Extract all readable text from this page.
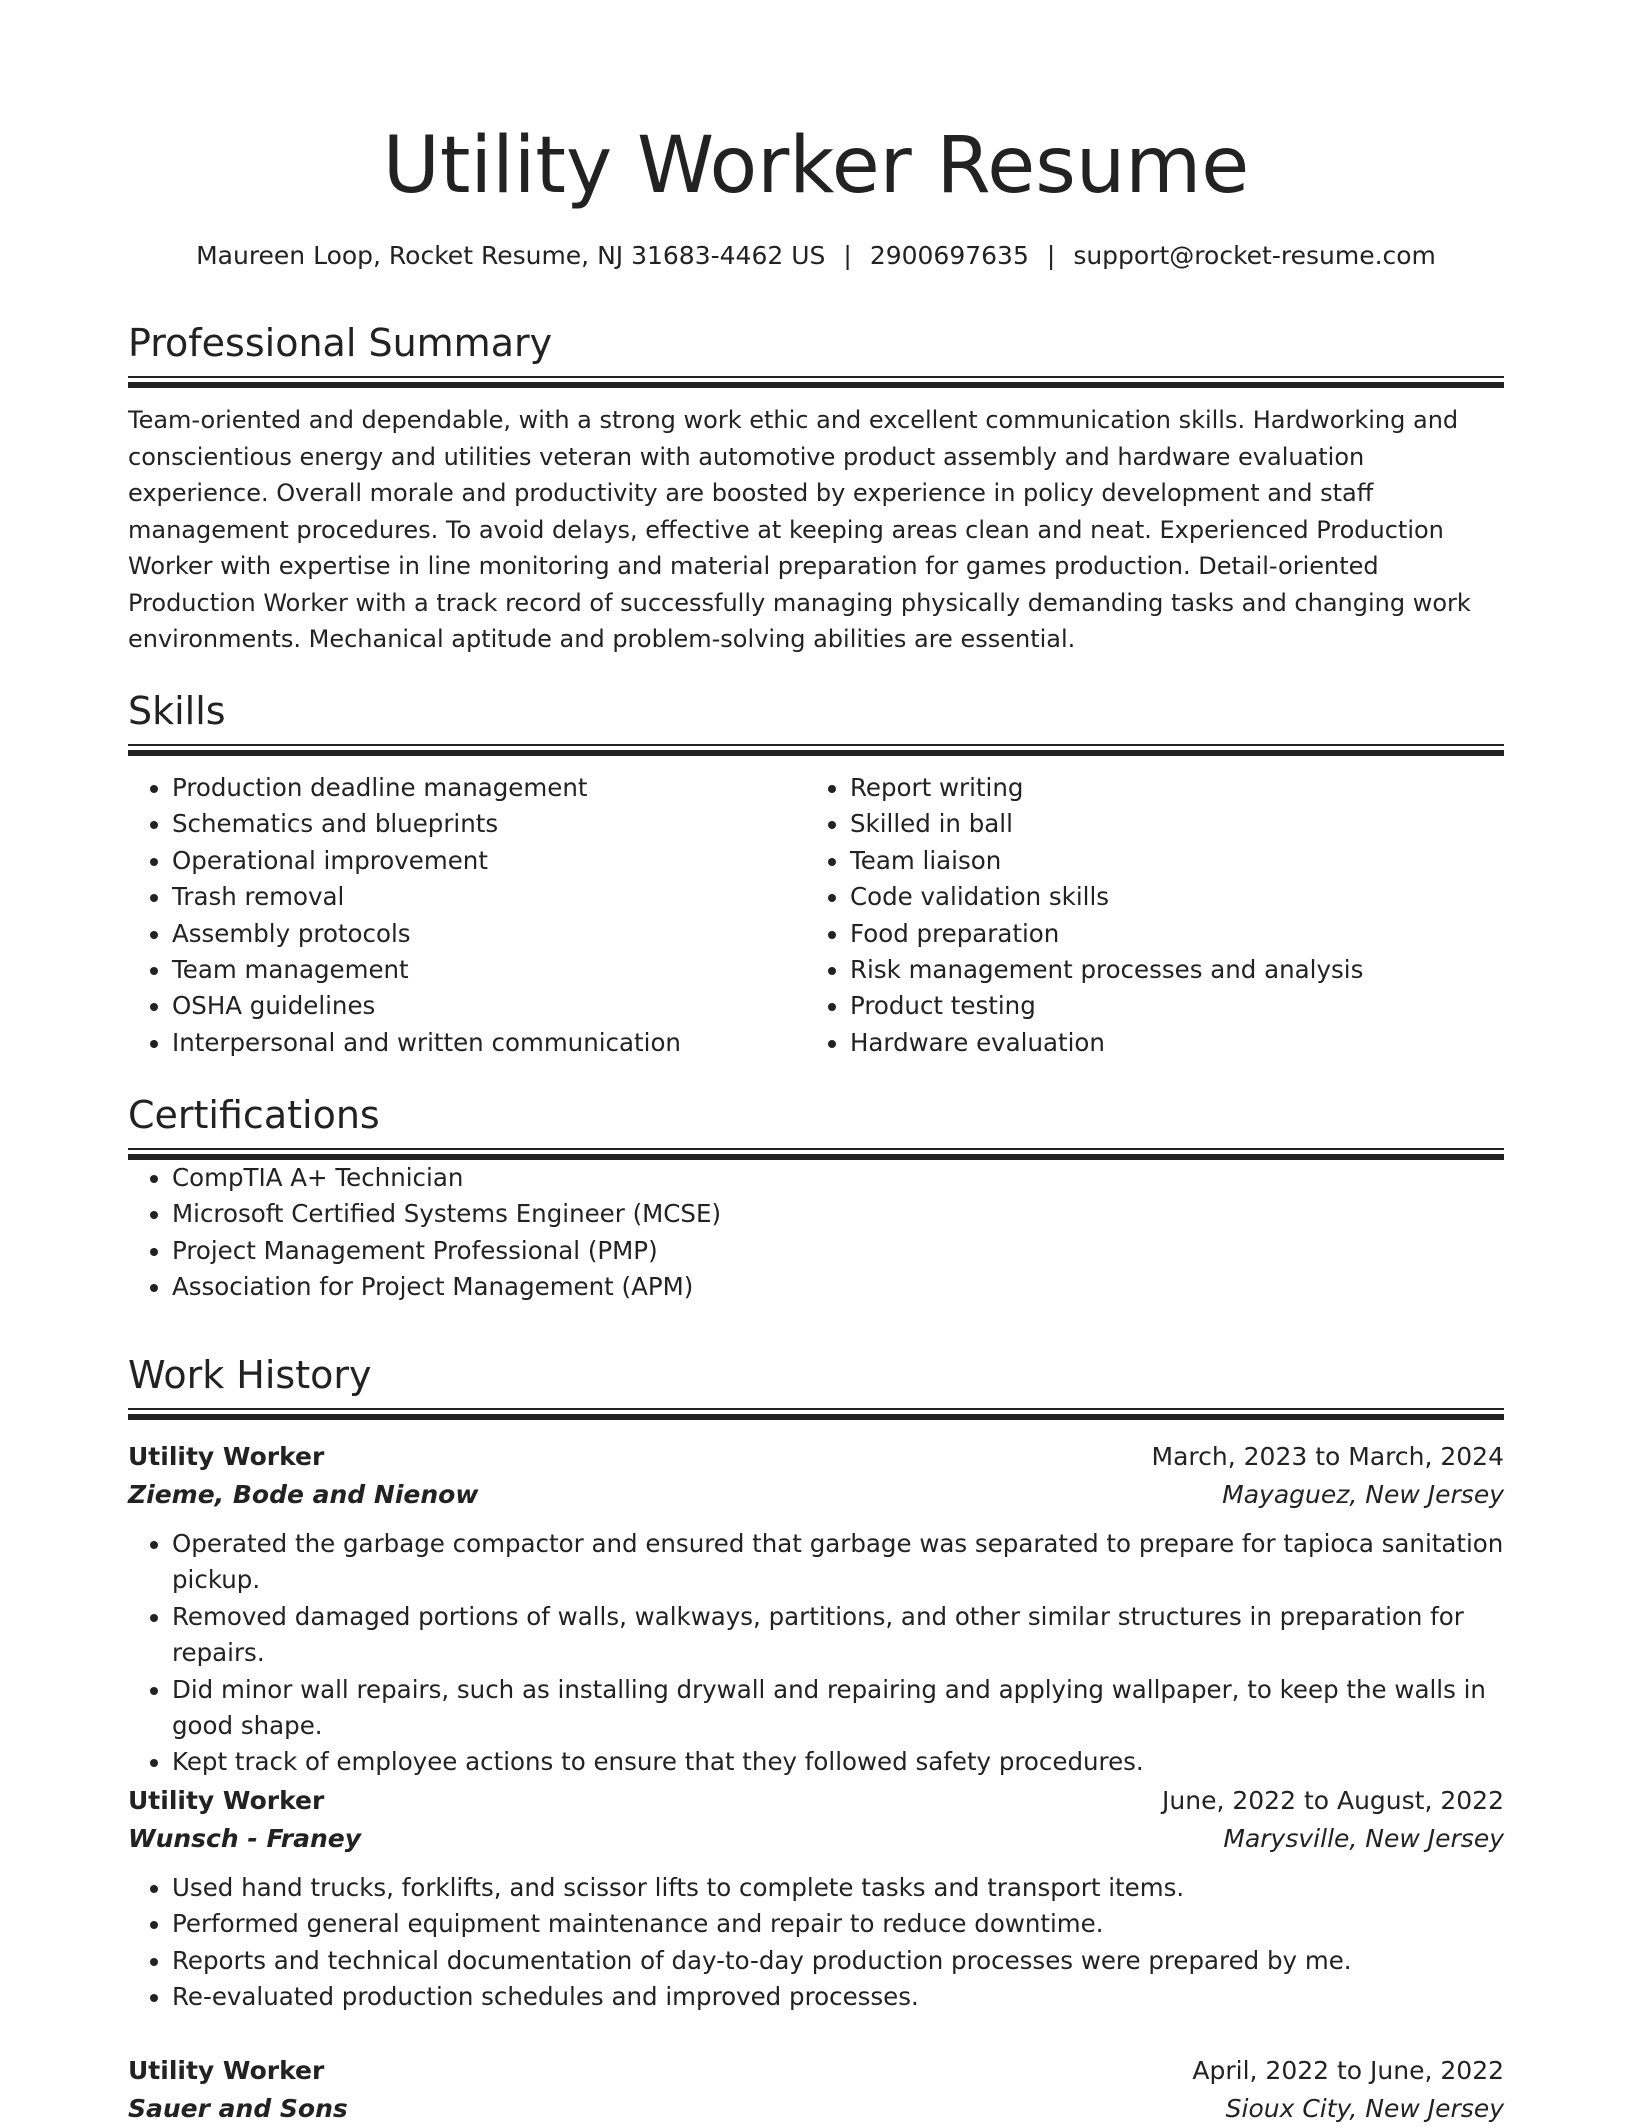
Utility Worker Resume
Maureen Loop, Rocket Resume, NJ 31683-4462 US | 2900697635 | support@rocket-resume.com
Professional Summary

Team-oriented and dependable, with a strong work ethic and excellent communication skills. Hardworking and conscientious energy and utilities veteran with automotive product assembly and hardware evaluation experience. Overall morale and productivity are boosted by experience in policy development and staff management procedures. To avoid delays, effective at keeping areas clean and neat. Experienced Production Worker with expertise in line monitoring and material preparation for games production. Detail-oriented Production Worker with a track record of successfully managing physically demanding tasks and changing work environments. Mechanical aptitude and problem-solving abilities are essential.

Skills
• Production deadline management
• Schematics and blueprints
• Operational improvement
• Trash removal
• Assembly protocols
• Team management
• OSHA guidelines
• Interpersonal and written communication
• Report writing
• Skilled in ball
• Team liaison
• Code validation skills
• Food preparation
• Risk management processes and analysis
• Product testing
• Hardware evaluation
Certifications
• CompTIA A+ Technician
• Microsoft Certified Systems Engineer (MCSE)
• Project Management Professional (PMP)
• Association for Project Management (APM)
Work History
Utility Worker	March, 2023 to March, 2024
Zieme, Bode and Nienow	Mayaguez, New Jersey
• Operated the garbage compactor and ensured that garbage was separated to prepare for tapioca sanitation pickup.
• Removed damaged portions of walls, walkways, partitions, and other similar structures in preparation for repairs.
• Did minor wall repairs, such as installing drywall and repairing and applying wallpaper, to keep the walls in good shape.
• Kept track of employee actions to ensure that they followed safety procedures.
Utility Worker	June, 2022 to August, 2022
Wunsch - Franey	Marysville, New Jersey
• Used hand trucks, forklifts, and scissor lifts to complete tasks and transport items.
• Performed general equipment maintenance and repair to reduce downtime.
• Reports and technical documentation of day-to-day production processes were prepared by me.
• Re-evaluated production schedules and improved processes.
Utility Worker	April, 2022 to June, 2022
Sauer and Sons	Sioux City, New Jersey
